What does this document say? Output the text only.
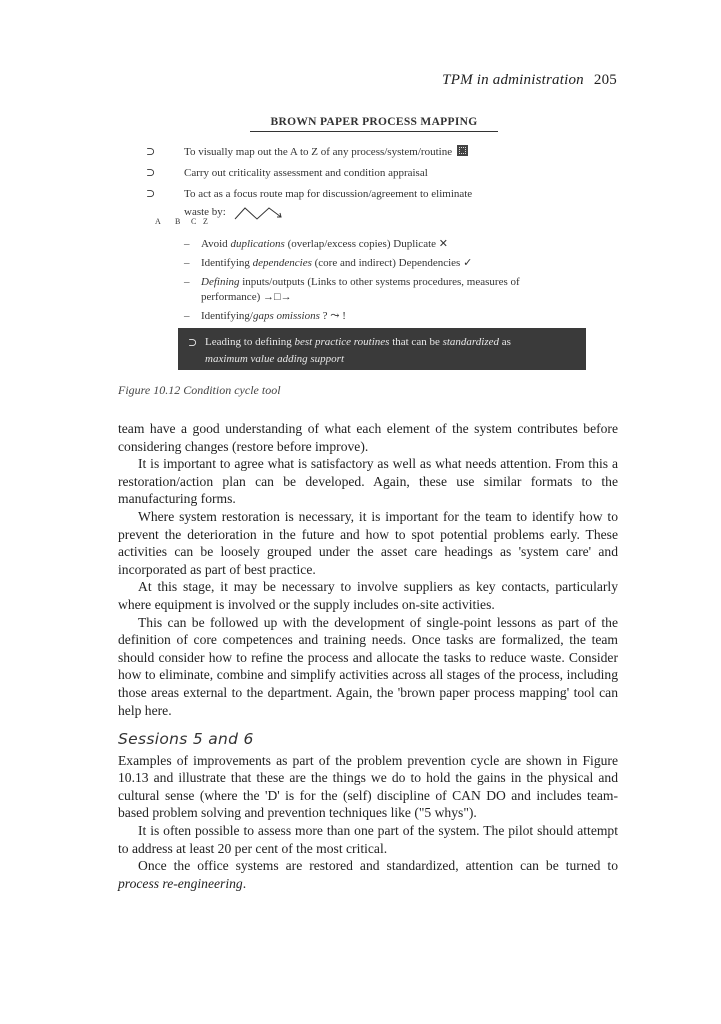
TPM in administration 205
BROWN PAPER PROCESS MAPPING
⊃	To visually map out the A to Z of any process/system/routine
⊃	Carry out criticality assessment and condition appraisal
⊃	To act as a focus route map for discussion/agreement to eliminate
waste by:
– Avoid duplications (overlap/excess copies) Duplicate ✕
– Identifying dependencies (core and indirect) Dependencies ✓
– Defining inputs/outputs (Links to other systems procedures, measures of
performance) →□→
– Identifying/gaps omissions ? ⤳ !
A B C Z
⊃ Leading to defining best practice routines that can be standardized as
maximum value adding support
Figure 10.12 Condition cycle tool

team have a good understanding of what each element of the system contributes before considering changes (restore before improve).

It is important to agree what is satisfactory as well as what needs attention. From this a restoration/action plan can be developed. Again, these use similar formats to the manufacturing forms.

Where system restoration is necessary, it is important for the team to identify how to prevent the deterioration in the future and how to spot potential problems early. These activities can be loosely grouped under the asset care headings as 'system care' and incorporated as part of best practice.

At this stage, it may be necessary to involve suppliers as key contacts, particularly where equipment is involved or the supply includes on-site activities.

This can be followed up with the development of single-point lessons as part of the definition of core competences and training needs. Once tasks are formalized, the team should consider how to refine the process and allocate the tasks to reduce waste. Consider how to eliminate, combine and simplify activities across all stages of the process, including those areas external to the department. Again, the 'brown paper process mapping' tool can help here.

Sessions 5 and 6

Examples of improvements as part of the problem prevention cycle are shown in Figure 10.13 and illustrate that these are the things we do to hold the gains in the physical and cultural sense (where the 'D' is for the (self) discipline of CAN DO and includes team-based problem solving and prevention techniques like ("5 whys").

It is often possible to assess more than one part of the system. The pilot should attempt to address at least 20 per cent of the most critical.

Once the office systems are restored and standardized, attention can be turned to process re-engineering.
